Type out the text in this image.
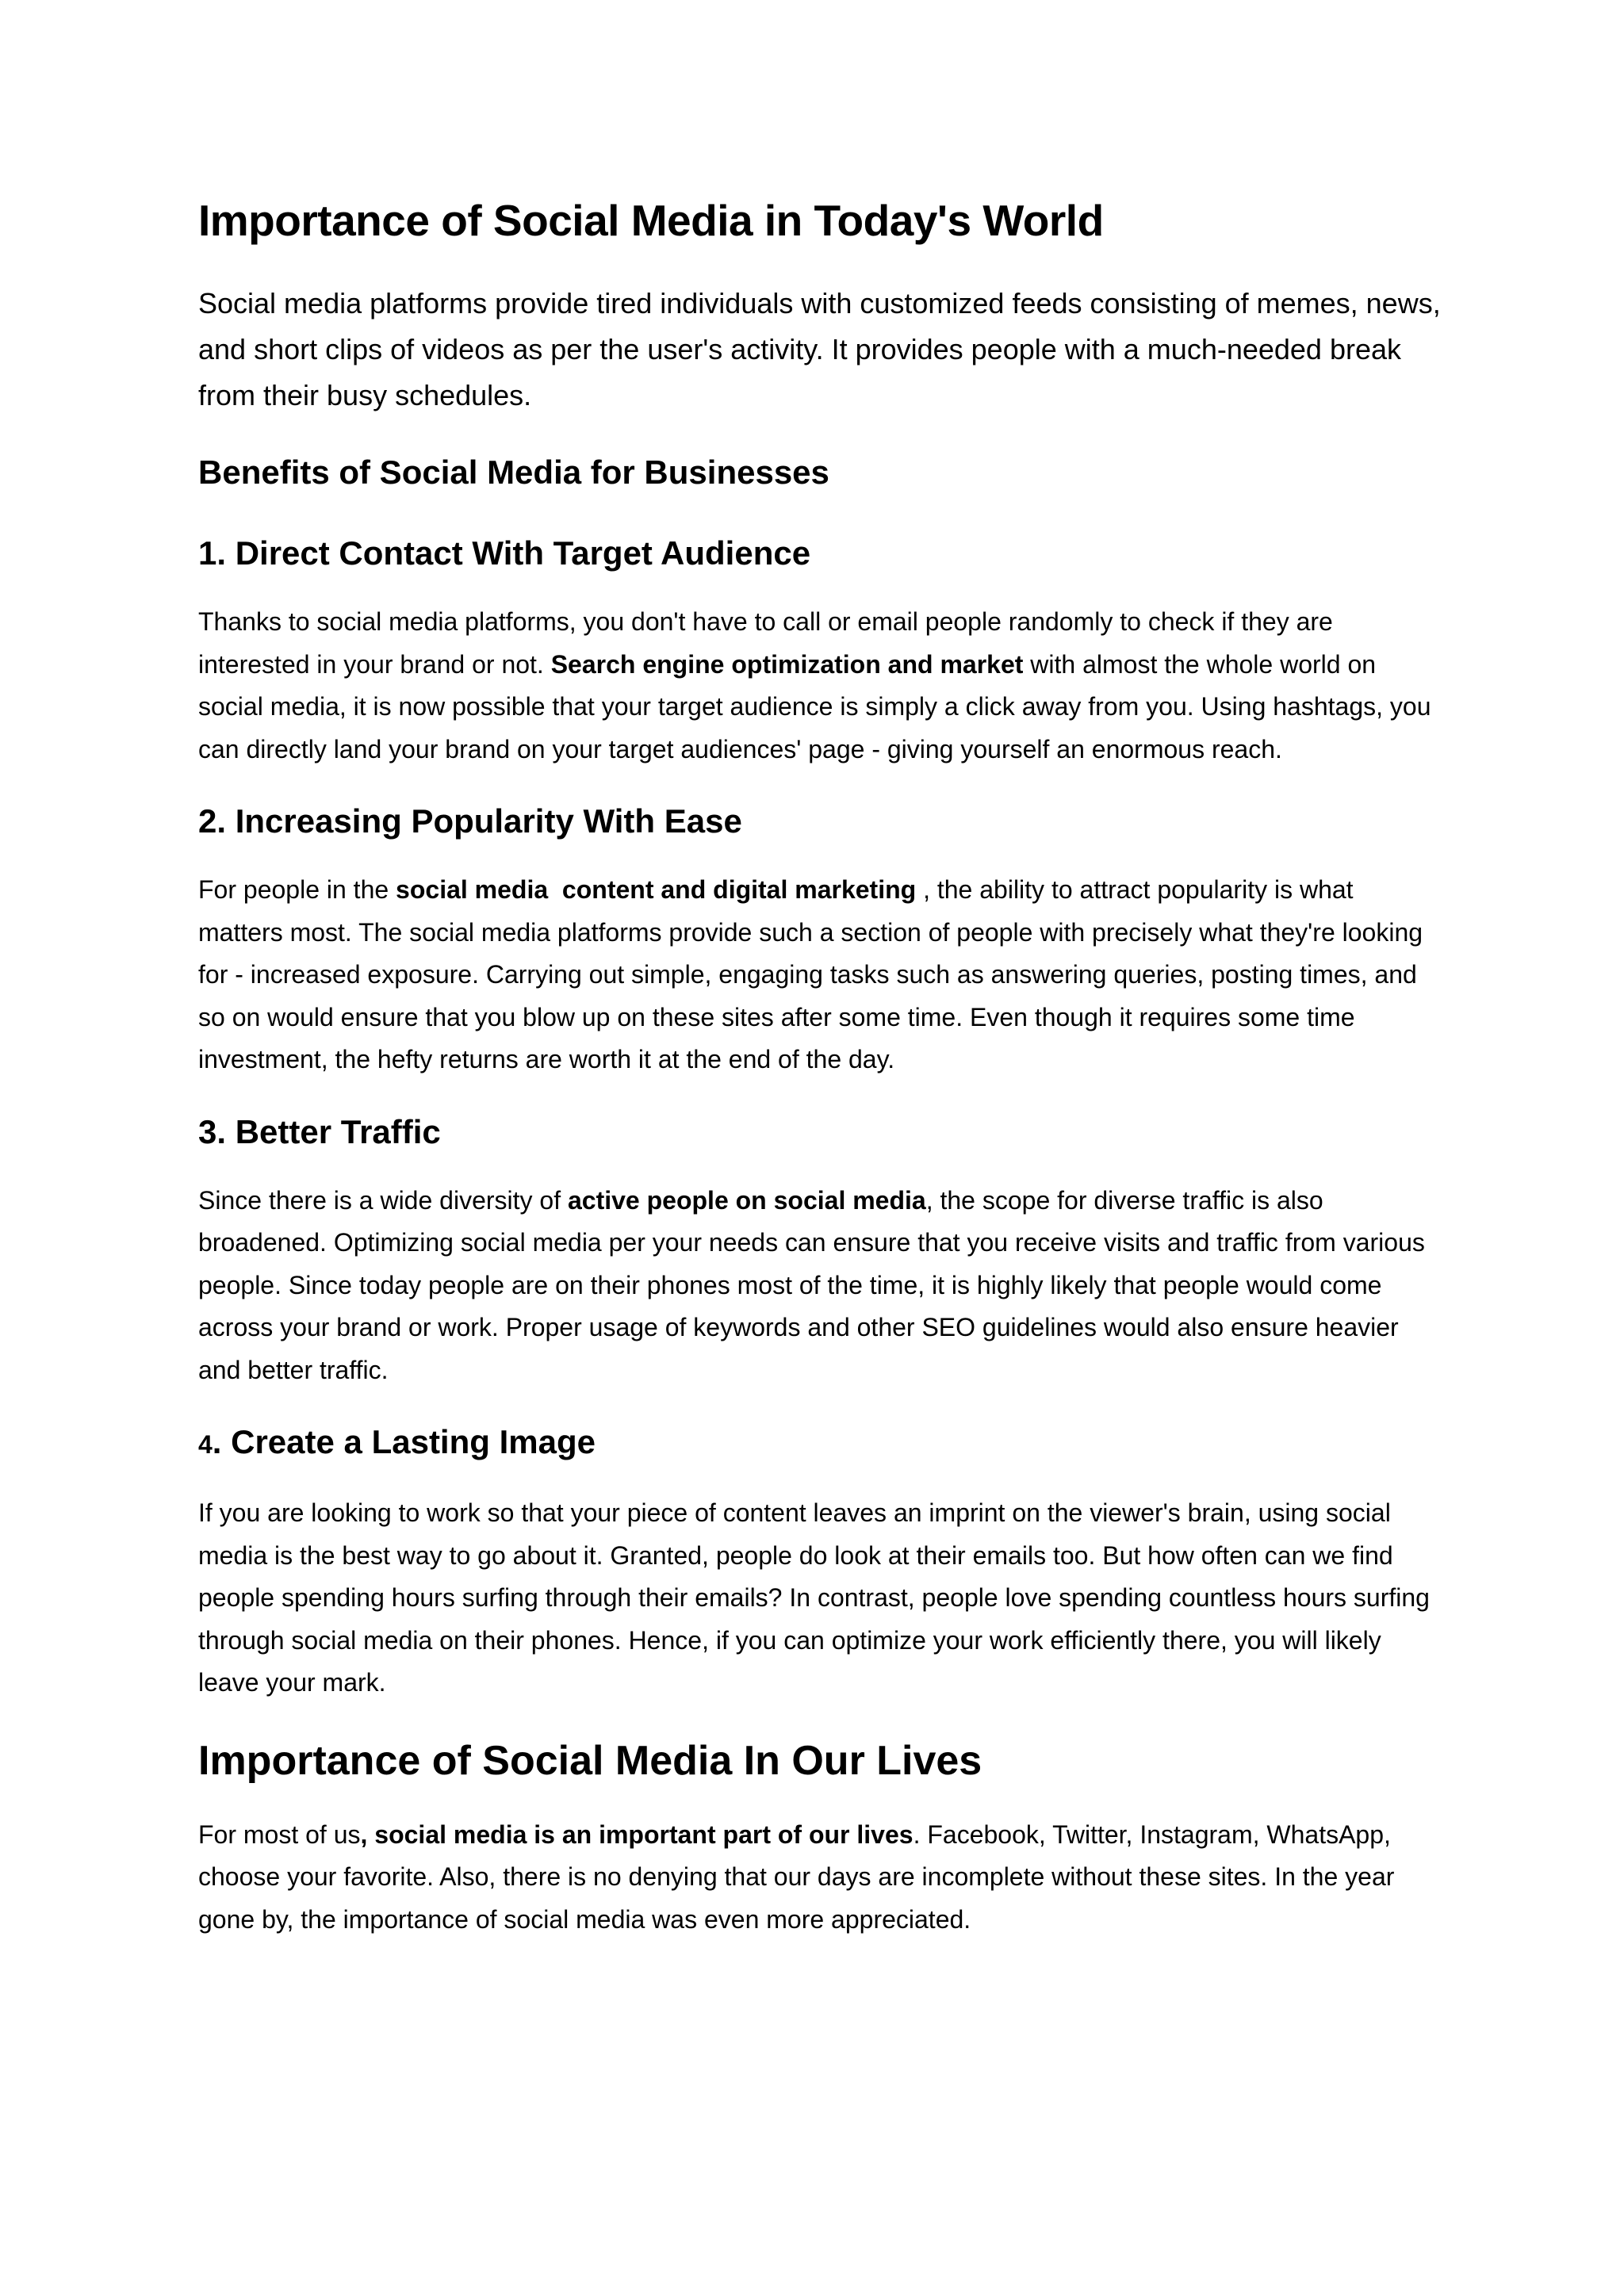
Importance of Social Media in Today's World
Social media platforms provide tired individuals with customized feeds consisting of memes, news, and short clips of videos as per the user's activity. It provides people with a much-needed break from their busy schedules.
Benefits of Social Media for Businesses
1. Direct Contact With Target Audience
Thanks to social media platforms, you don't have to call or email people randomly to check if they are interested in your brand or not. Search engine optimization and market with almost the whole world on social media, it is now possible that your target audience is simply a click away from you. Using hashtags, you can directly land your brand on your target audiences' page - giving yourself an enormous reach.
2. Increasing Popularity With Ease
For people in the social media  content and digital marketing , the ability to attract popularity is what matters most. The social media platforms provide such a section of people with precisely what they're looking for - increased exposure. Carrying out simple, engaging tasks such as answering queries, posting times, and so on would ensure that you blow up on these sites after some time. Even though it requires some time investment, the hefty returns are worth it at the end of the day.
3. Better Traffic
Since there is a wide diversity of active people on social media, the scope for diverse traffic is also broadened. Optimizing social media per your needs can ensure that you receive visits and traffic from various people. Since today people are on their phones most of the time, it is highly likely that people would come across your brand or work. Proper usage of keywords and other SEO guidelines would also ensure heavier and better traffic.
4. Create a Lasting Image
If you are looking to work so that your piece of content leaves an imprint on the viewer's brain, using social media is the best way to go about it. Granted, people do look at their emails too. But how often can we find people spending hours surfing through their emails? In contrast, people love spending countless hours surfing through social media on their phones. Hence, if you can optimize your work efficiently there, you will likely leave your mark.
Importance of Social Media In Our Lives
For most of us, social media is an important part of our lives. Facebook, Twitter, Instagram, WhatsApp, choose your favorite. Also, there is no denying that our days are incomplete without these sites. In the year gone by, the importance of social media was even more appreciated.
